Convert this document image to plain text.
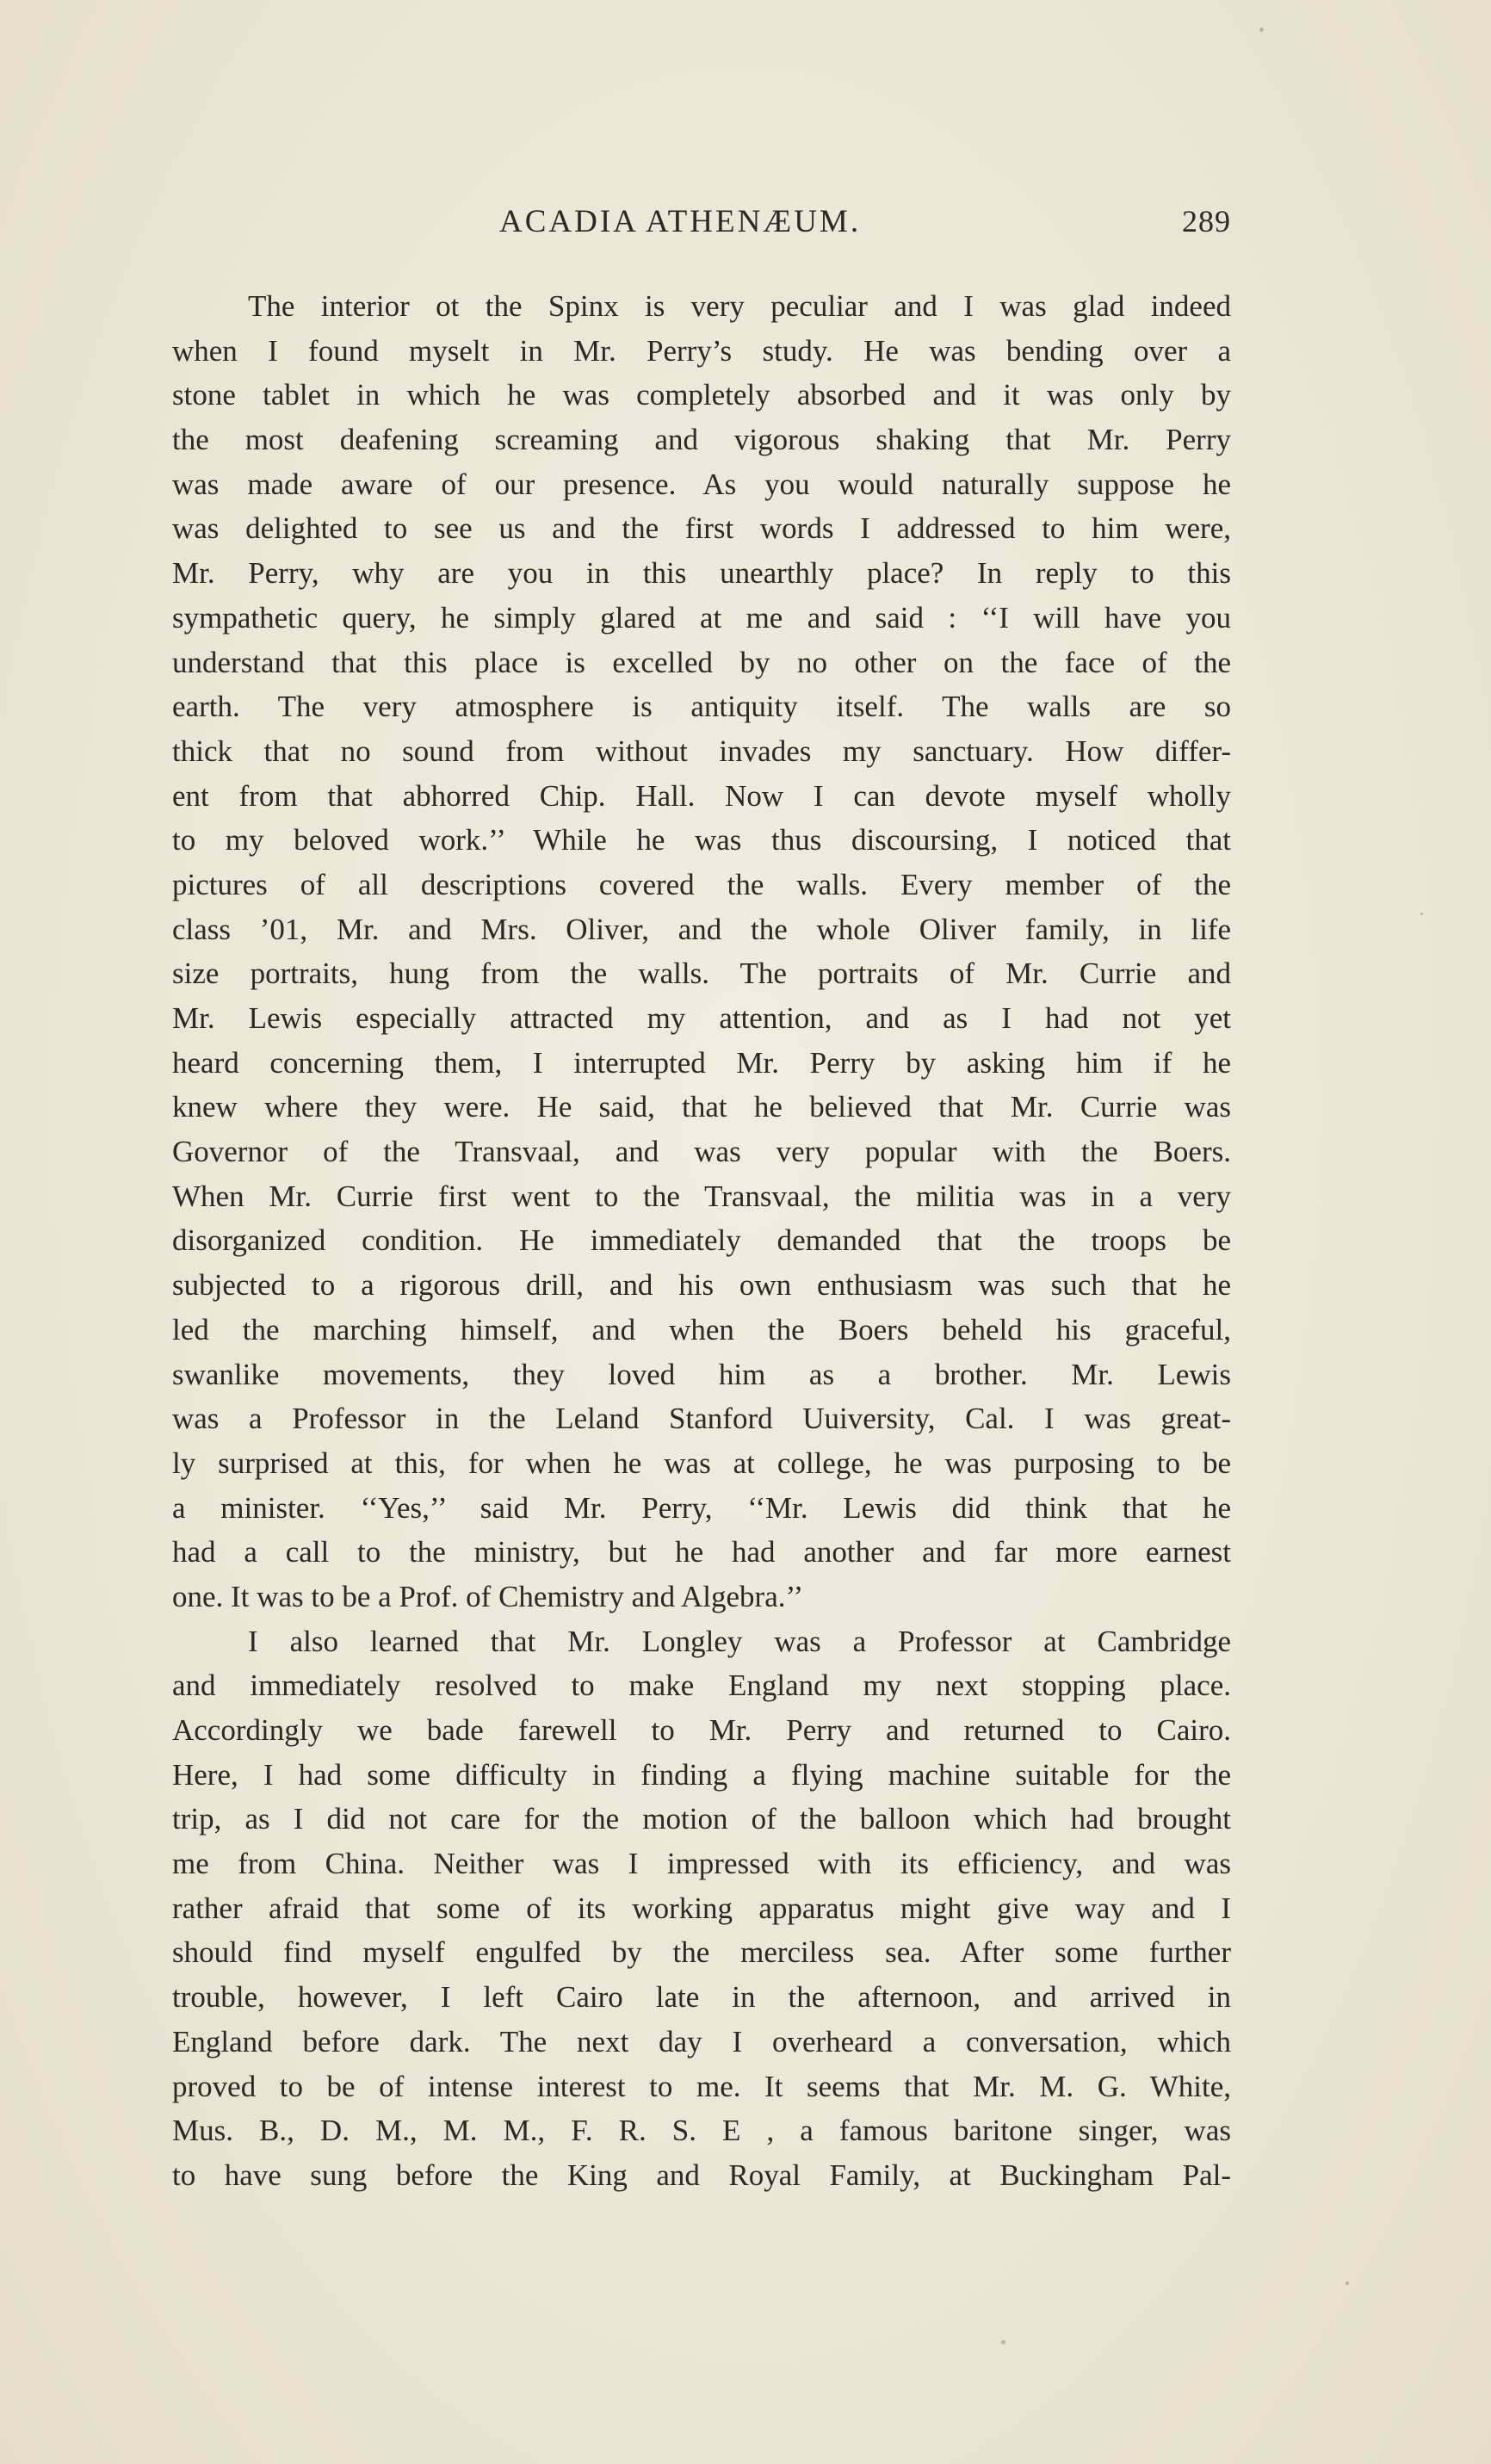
ACADIA ATHENÆUM.	289
The interior ot the Spinx is very peculiar and I was glad indeed
when I found myselt in Mr. Perry’s study. He was bending over a
stone tablet in which he was completely absorbed and it was only by
the most deafening screaming and vigorous shaking that Mr. Perry
was made aware of our presence. As you would naturally suppose he
was delighted to see us and the first words I addressed to him were,
Mr. Perry, why are you in this unearthly place? In reply to this
sympathetic query, he simply glared at me and said : ‘‘I will have you
understand that this place is excelled by no other on the face of the
earth. The very atmosphere is antiquity itself. The walls are so
thick that no sound from without invades my sanctuary. How differ-
ent from that abhorred Chip. Hall. Now I can devote myself wholly
to my beloved work.’’ While he was thus discoursing, I noticed that
pictures of all descriptions covered the walls. Every member of the
class ’01, Mr. and Mrs. Oliver, and the whole Oliver family, in life
size portraits, hung from the walls. The portraits of Mr. Currie and
Mr. Lewis especially attracted my attention, and as I had not yet
heard concerning them, I interrupted Mr. Perry by asking him if he
knew where they were. He said, that he believed that Mr. Currie was
Governor of the Transvaal, and was very popular with the Boers.
When Mr. Currie first went to the Transvaal, the militia was in a very
disorganized condition. He immediately demanded that the troops be
subjected to a rigorous drill, and his own enthusiasm was such that he
led the marching himself, and when the Boers beheld his graceful,
swanlike movements, they loved him as a brother. Mr. Lewis
was a Professor in the Leland Stanford Uuiversity, Cal. I was great-
ly surprised at this, for when he was at college, he was purposing to be
a minister. ‘‘Yes,’’ said Mr. Perry, ‘‘Mr. Lewis did think that he
had a call to the ministry, but he had another and far more earnest
one. It was to be a Prof. of Chemistry and Algebra.’’
I also learned that Mr. Longley was a Professor at Cambridge
and immediately resolved to make England my next stopping place.
Accordingly we bade farewell to Mr. Perry and returned to Cairo.
Here, I had some difficulty in finding a flying machine suitable for the
trip, as I did not care for the motion of the balloon which had brought
me from China. Neither was I impressed with its efficiency, and was
rather afraid that some of its working apparatus might give way and I
should find myself engulfed by the merciless sea. After some further
trouble, however, I left Cairo late in the afternoon, and arrived in
England before dark. The next day I overheard a conversation, which
proved to be of intense interest to me. It seems that Mr. M. G. White,
Mus. B., D. M., M. M., F. R. S. E , a famous baritone singer, was
to have sung before the King and Royal Family, at Buckingham Pal-
